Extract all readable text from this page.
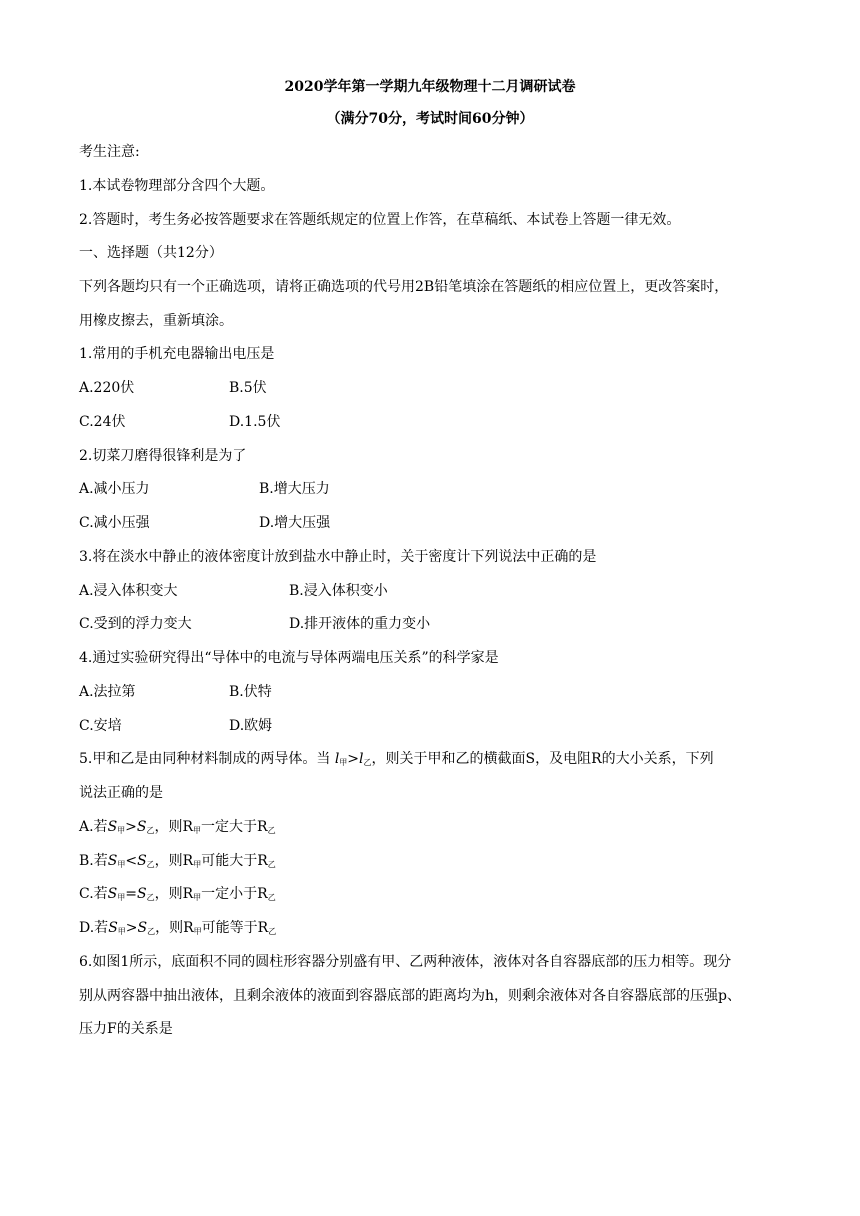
2020学年第一学期九年级物理十二月调研试卷
（满分70分，考试时间60分钟）
考生注意:
1.本试卷物理部分含四个大题。
2.答题时，考生务必按答题要求在答题纸规定的位置上作答，在草稿纸、本试卷上答题一律无效。
一、选择题（共12分）
下列各题均只有一个正确选项，请将正确选项的代号用2B铅笔填涂在答题纸的相应位置上，更改答案时，
用橡皮擦去，重新填涂。
1.常用的手机充电器输出电压是
A.220伏	B.5伏
C.24伏	D.1.5伏
2.切菜刀磨得很锋利是为了
A.减小压力	B.增大压力
C.减小压强	D.增大压强
3.将在淡水中静止的液体密度计放到盐水中静止时，关于密度计下列说法中正确的是
A.浸入体积变大	B.浸入体积变小
C.受到的浮力变大	D.排开液体的重力变小
4.通过实验研究得出“导体中的电流与导体两端电压关系”的科学家是
A.法拉第	B.伏特
C.安培	D.欧姆
5.甲和乙是由同种材料制成的两导体。当 $l_甲>l_乙$，则关于甲和乙的横截面S，及电阻R的大小关系，下列
说法正确的是
A.若$S_甲>S_乙$，则$R_甲$一定大于$R_乙$
B.若$S_甲<S_乙$，则$R_甲$可能大于$R_乙$
C.若$S_甲=S_乙$，则$R_甲$一定小于$R_乙$
D.若$S_甲>S_乙$，则$R_甲$可能等于$R_乙$
6.如图1所示，底面积不同的圆柱形容器分别盛有甲、乙两种液体，液体对各自容器底部的压力相等。现分
别从两容器中抽出液体，且剩余液体的液面到容器底部的距离均为h，则剩余液体对各自容器底部的压强p、
压力F的关系是
